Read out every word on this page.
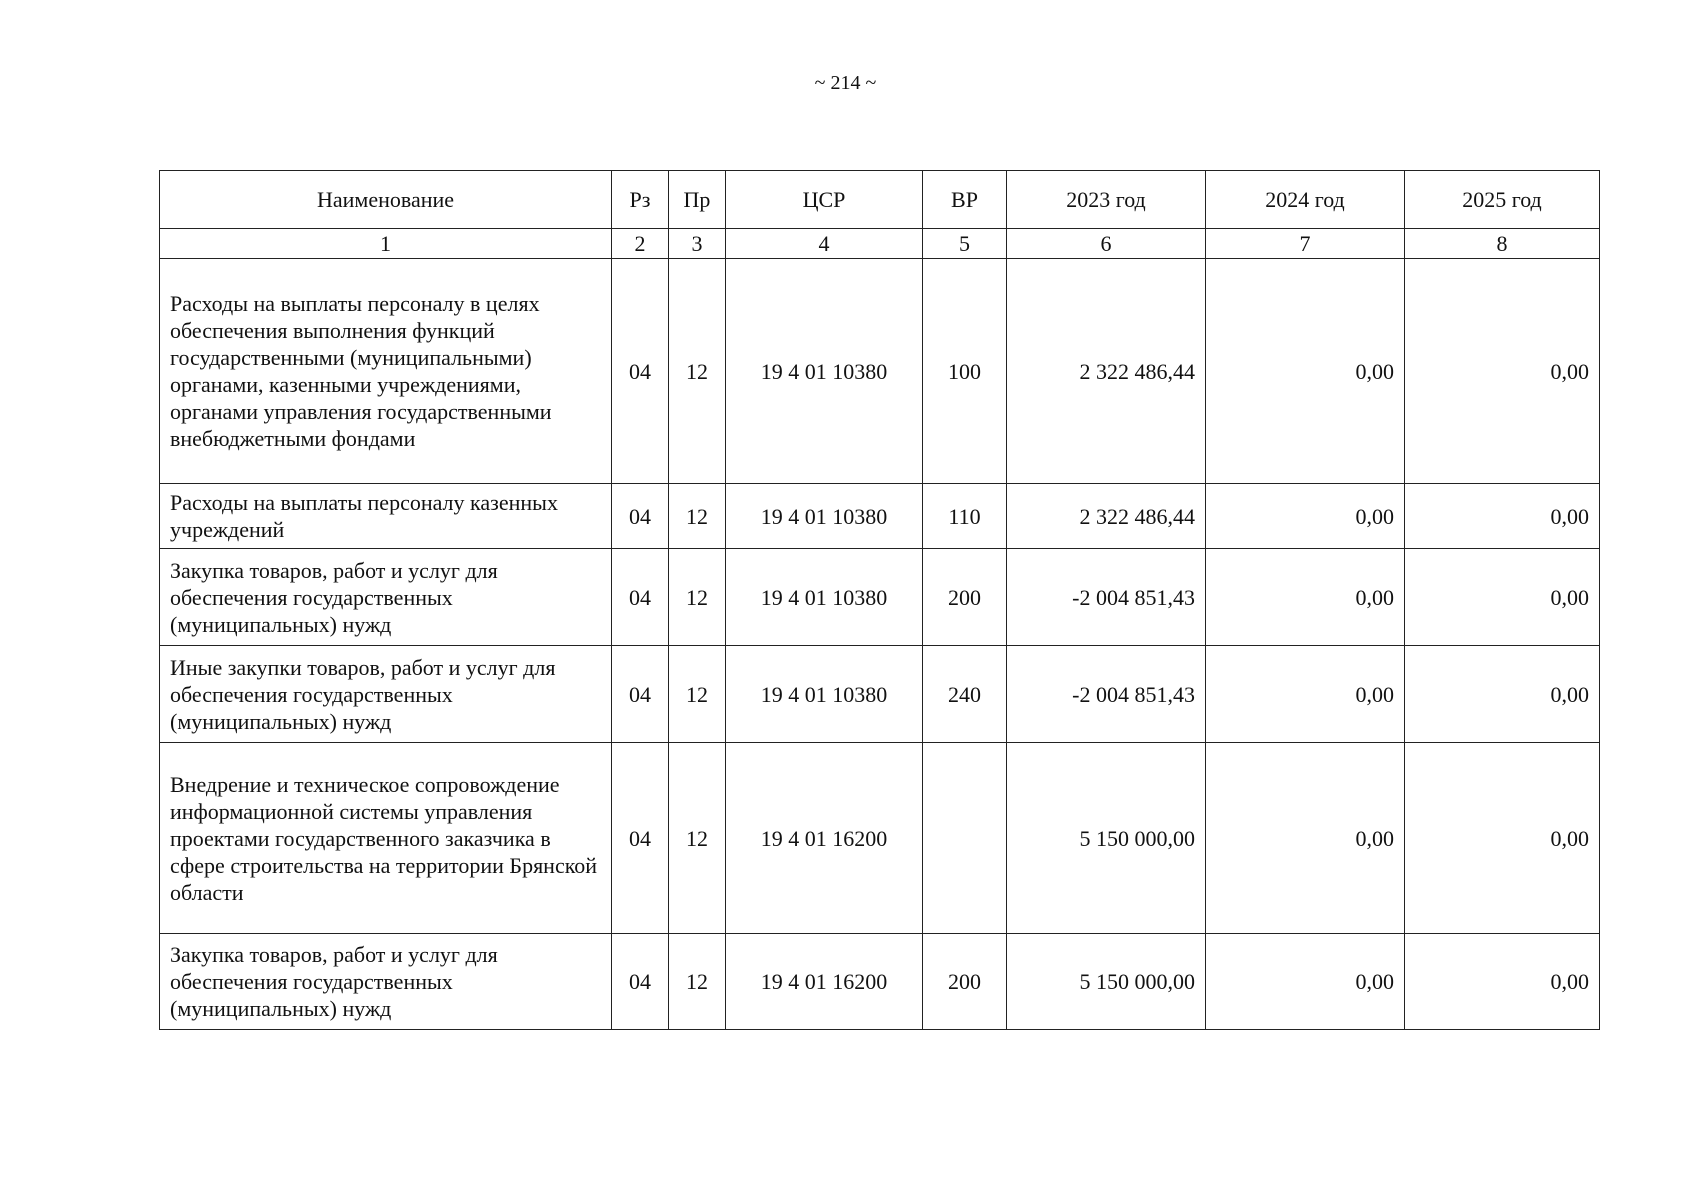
~ 214 ~
Наименование	Рз	Пр	ЦСР	ВР	2023 год	2024 год	2025 год
1	2	3	4	5	6	7	8
Расходы на выплаты персоналу в целях обеспечения выполнения функций государственными (муниципальными) органами, казенными учреждениями, органами управления государственными внебюджетными фондами	04	12	19 4 01 10380	100	2 322 486,44	0,00	0,00
Расходы на выплаты персоналу казенных учреждений	04	12	19 4 01 10380	110	2 322 486,44	0,00	0,00
Закупка товаров, работ и услуг для обеспечения государственных (муниципальных) нужд	04	12	19 4 01 10380	200	-2 004 851,43	0,00	0,00
Иные закупки товаров, работ и услуг для обеспечения государственных (муниципальных) нужд	04	12	19 4 01 10380	240	-2 004 851,43	0,00	0,00
Внедрение и техническое сопровождение информационной системы управления проектами государственного заказчика в сфере строительства на территории Брянской области	04	12	19 4 01 16200		5 150 000,00	0,00	0,00
Закупка товаров, работ и услуг для обеспечения государственных (муниципальных) нужд	04	12	19 4 01 16200	200	5 150 000,00	0,00	0,00
